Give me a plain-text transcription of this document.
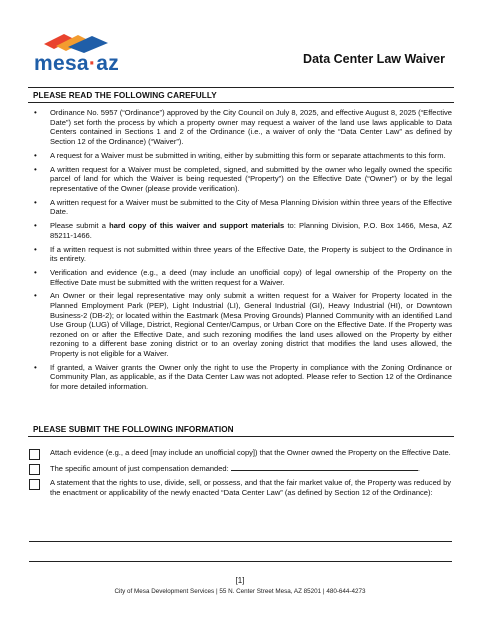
mesa·az	Data Center Law Waiver
PLEASE READ THE FOLLOWING CAREFULLY
• Ordinance No. 5957 (“Ordinance”) approved by the City Council on July 8, 2025, and effective August 8, 2025 (“Effective Date”) set forth the process by which a property owner may request a waiver of the land use laws applicable to Data Centers contained in Sections 1 and 2 of the Ordinance (i.e., a waiver of only the “Data Center Law” as defined by Section 12 of the Ordinance) (“Waiver”).
• A request for a Waiver must be submitted in writing, either by submitting this form or separate attachments to this form.
• A written request for a Waiver must be completed, signed, and submitted by the owner who legally owned the specific parcel of land for which the Waiver is being requested (“Property”) on the Effective Date (“Owner”) or by the legal representative of the Owner (please provide verification).
• A written request for a Waiver must be submitted to the City of Mesa Planning Division within three years of the Effective Date.
• Please submit a hard copy of this waiver and support materials to: Planning Division, P.O. Box 1466, Mesa, AZ 85211-1466.
• If a written request is not submitted within three years of the Effective Date, the Property is subject to the Ordinance in its entirety.
• Verification and evidence (e.g., a deed (may include an unofficial copy) of legal ownership of the Property on the Effective Date must be submitted with the written request for a Waiver.
• An Owner or their legal representative may only submit a written request for a Waiver for Property located in the Planned Employment Park (PEP), Light Industrial (LI), General Industrial (GI), Heavy Industrial (HI), or Downtown Business-2 (DB-2); or located within the Eastmark (Mesa Proving Grounds) Planned Community with an identified Land Use Group (LUG) of Village, District, Regional Center/Campus, or Urban Core on the Effective Date. If the Property was rezoned on or after the Effective Date, and such rezoning modifies the land uses allowed on the Property by either rezoning to a different base zoning district or to an overlay zoning district that modifies the land uses allowed, the Property is not eligible for a Waiver.
• If granted, a Waiver grants the Owner only the right to use the Property in compliance with the Zoning Ordinance or Community Plan, as applicable, as if the Data Center Law was not adopted. Please refer to Section 12 of the Ordinance for more detailed information.
PLEASE SUBMIT THE FOLLOWING INFORMATION
Attach evidence (e.g., a deed [may include an unofficial copy]) that the Owner owned the Property on the Effective Date.
The specific amount of just compensation demanded:	.
A statement that the rights to use, divide, sell, or possess, and that the fair market value of, the Property was reduced by the enactment or applicability of the newly enacted “Data Center Law” (as defined by Section 12 of the Ordinance):
[1]
City of Mesa Development Services | 55 N. Center Street Mesa, AZ 85201 | 480-644-4273
